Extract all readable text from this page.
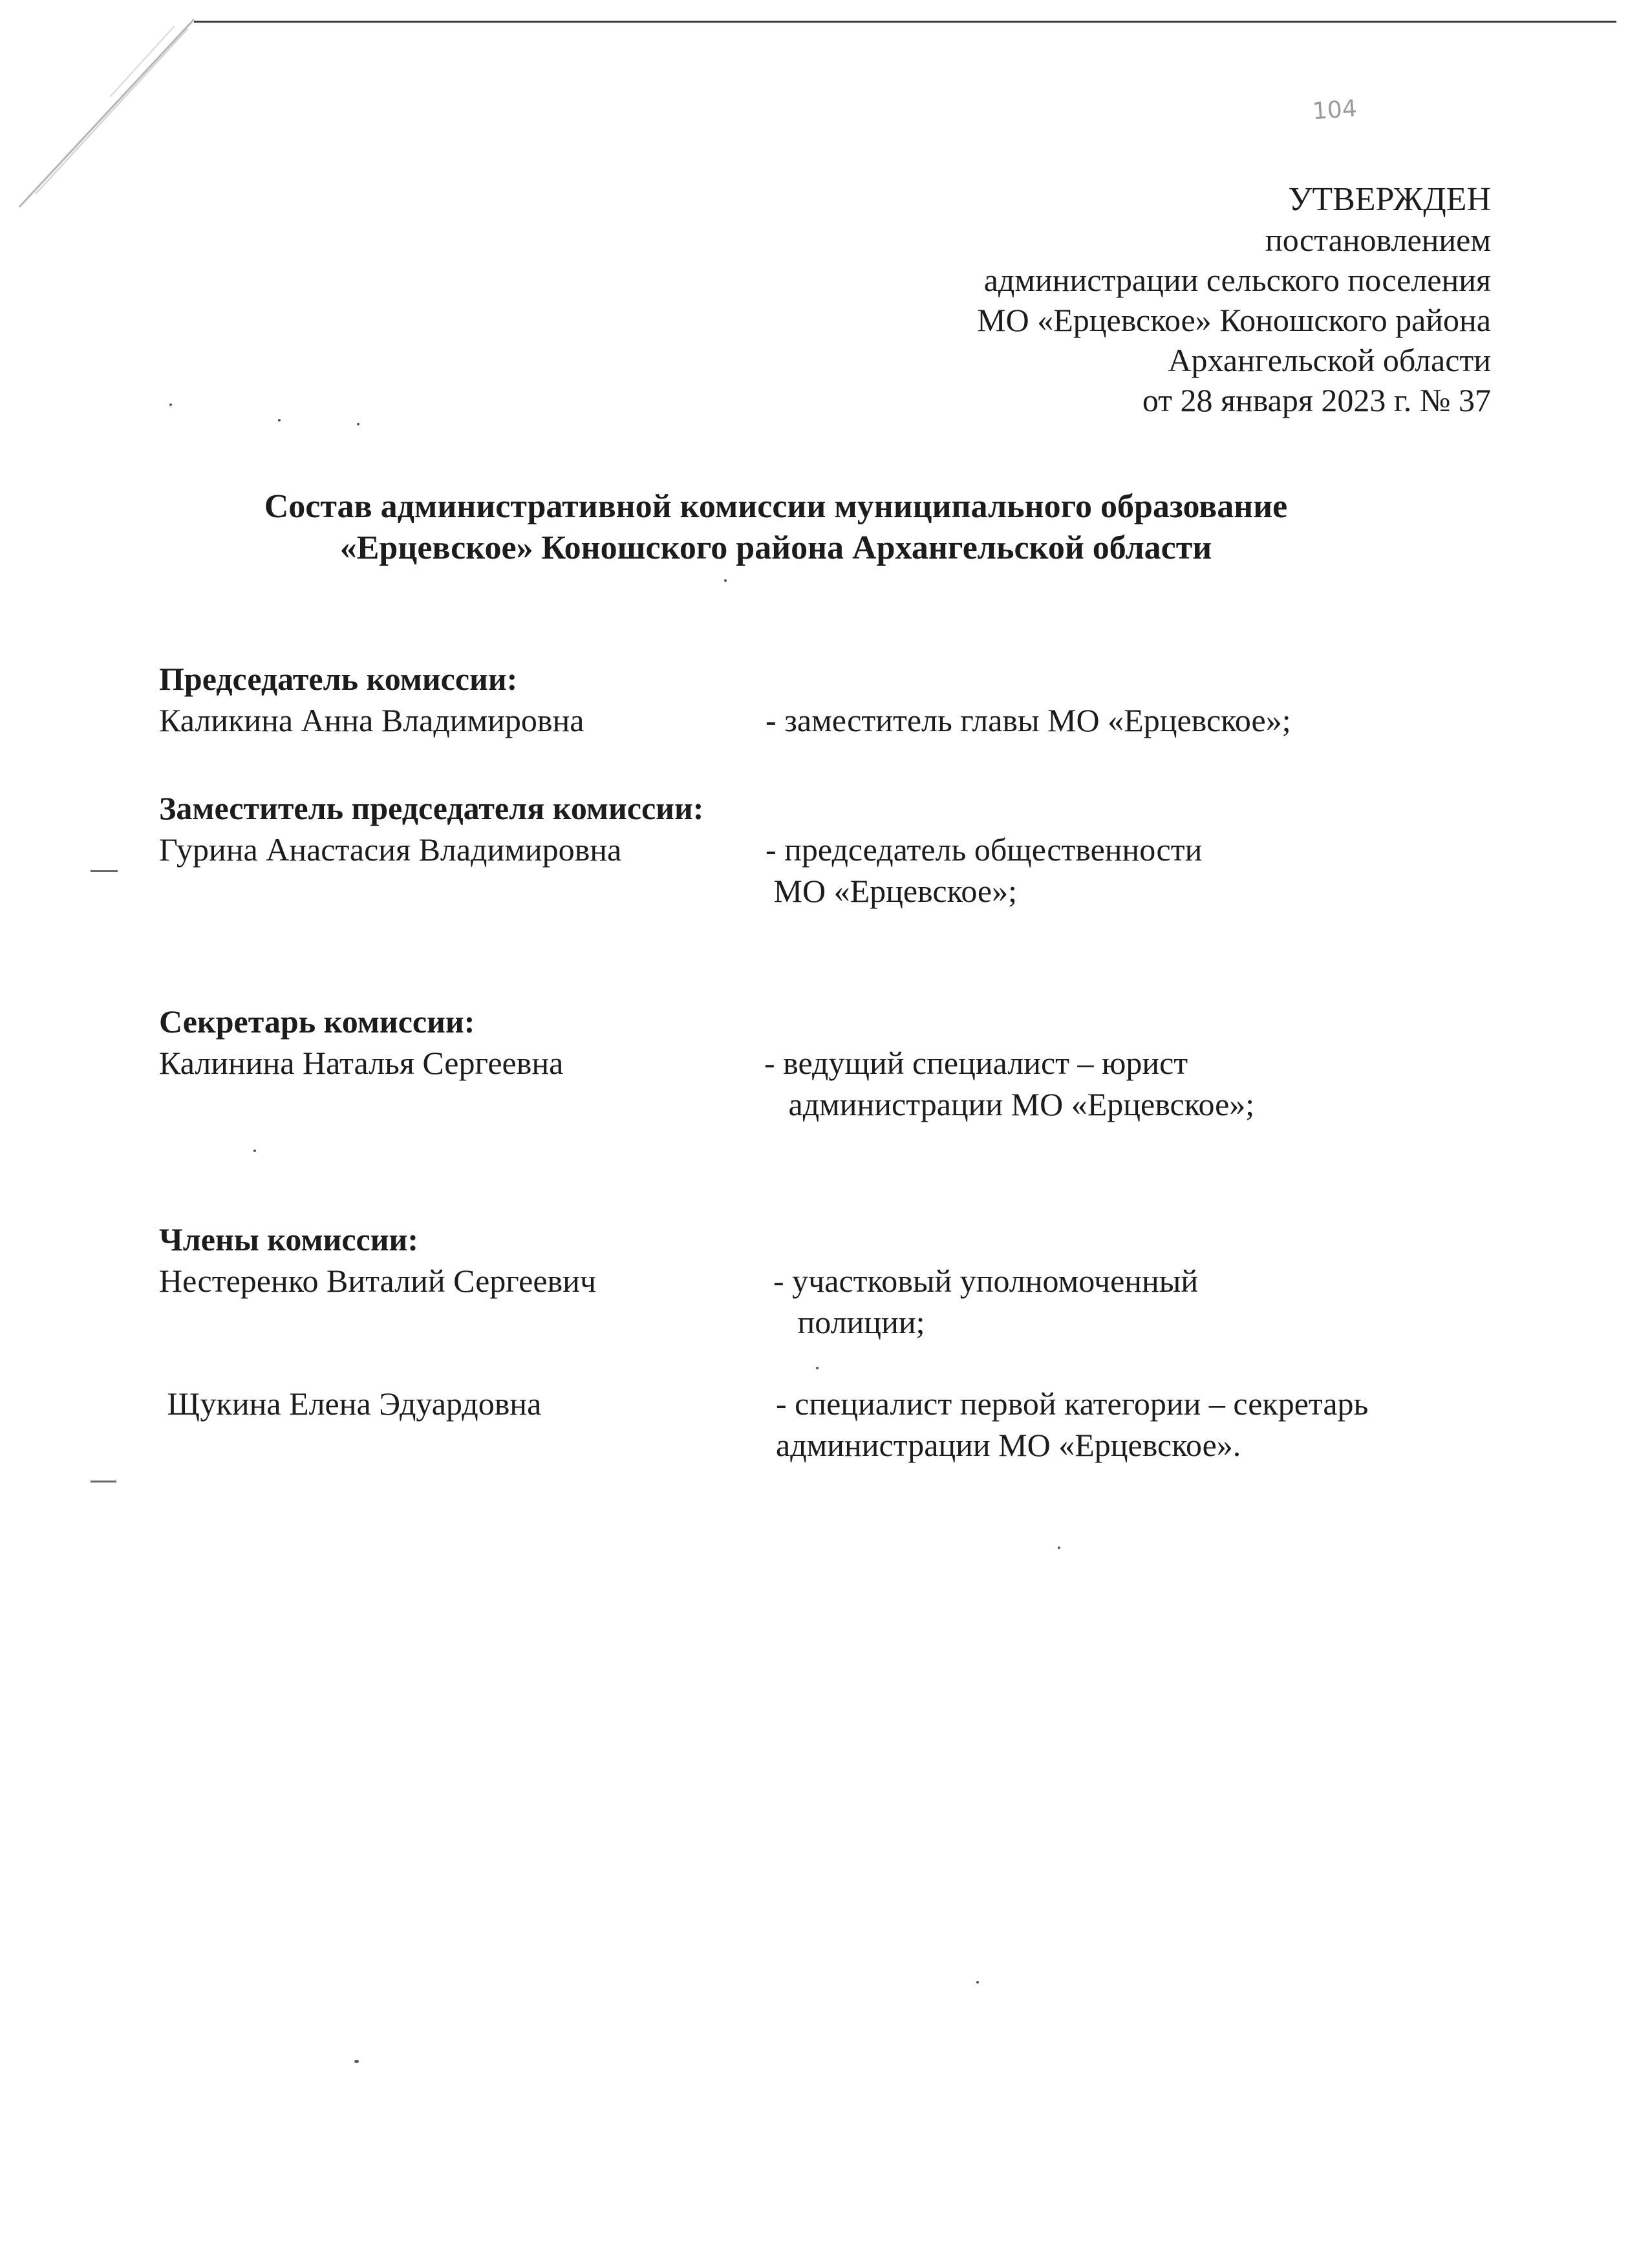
104
УТВЕРЖДЕН
постановлением
администрации сельского поселения
МО «Ерцевское» Коношского района
Архангельской области
от 28 января 2023 г. № 37
Состав административной комиссии муниципального образование
«Ерцевское» Коношского района Архангельской области
Председатель комиссии:
Каликина Анна Владимировна	- заместитель главы МО «Ерцевское»;
Заместитель председателя комиссии:
Гурина Анастасия Владимировна	- председатель общественности
МО «Ерцевское»;
Секретарь комиссии:
Калинина Наталья Сергеевна	- ведущий специалист – юрист
администрации МО «Ерцевское»;
Члены комиссии:
Нестеренко Виталий Сергеевич	- участковый уполномоченный
полиции;
Щукина Елена Эдуардовна	- специалист первой категории – секретарь
администрации МО «Ерцевское».
